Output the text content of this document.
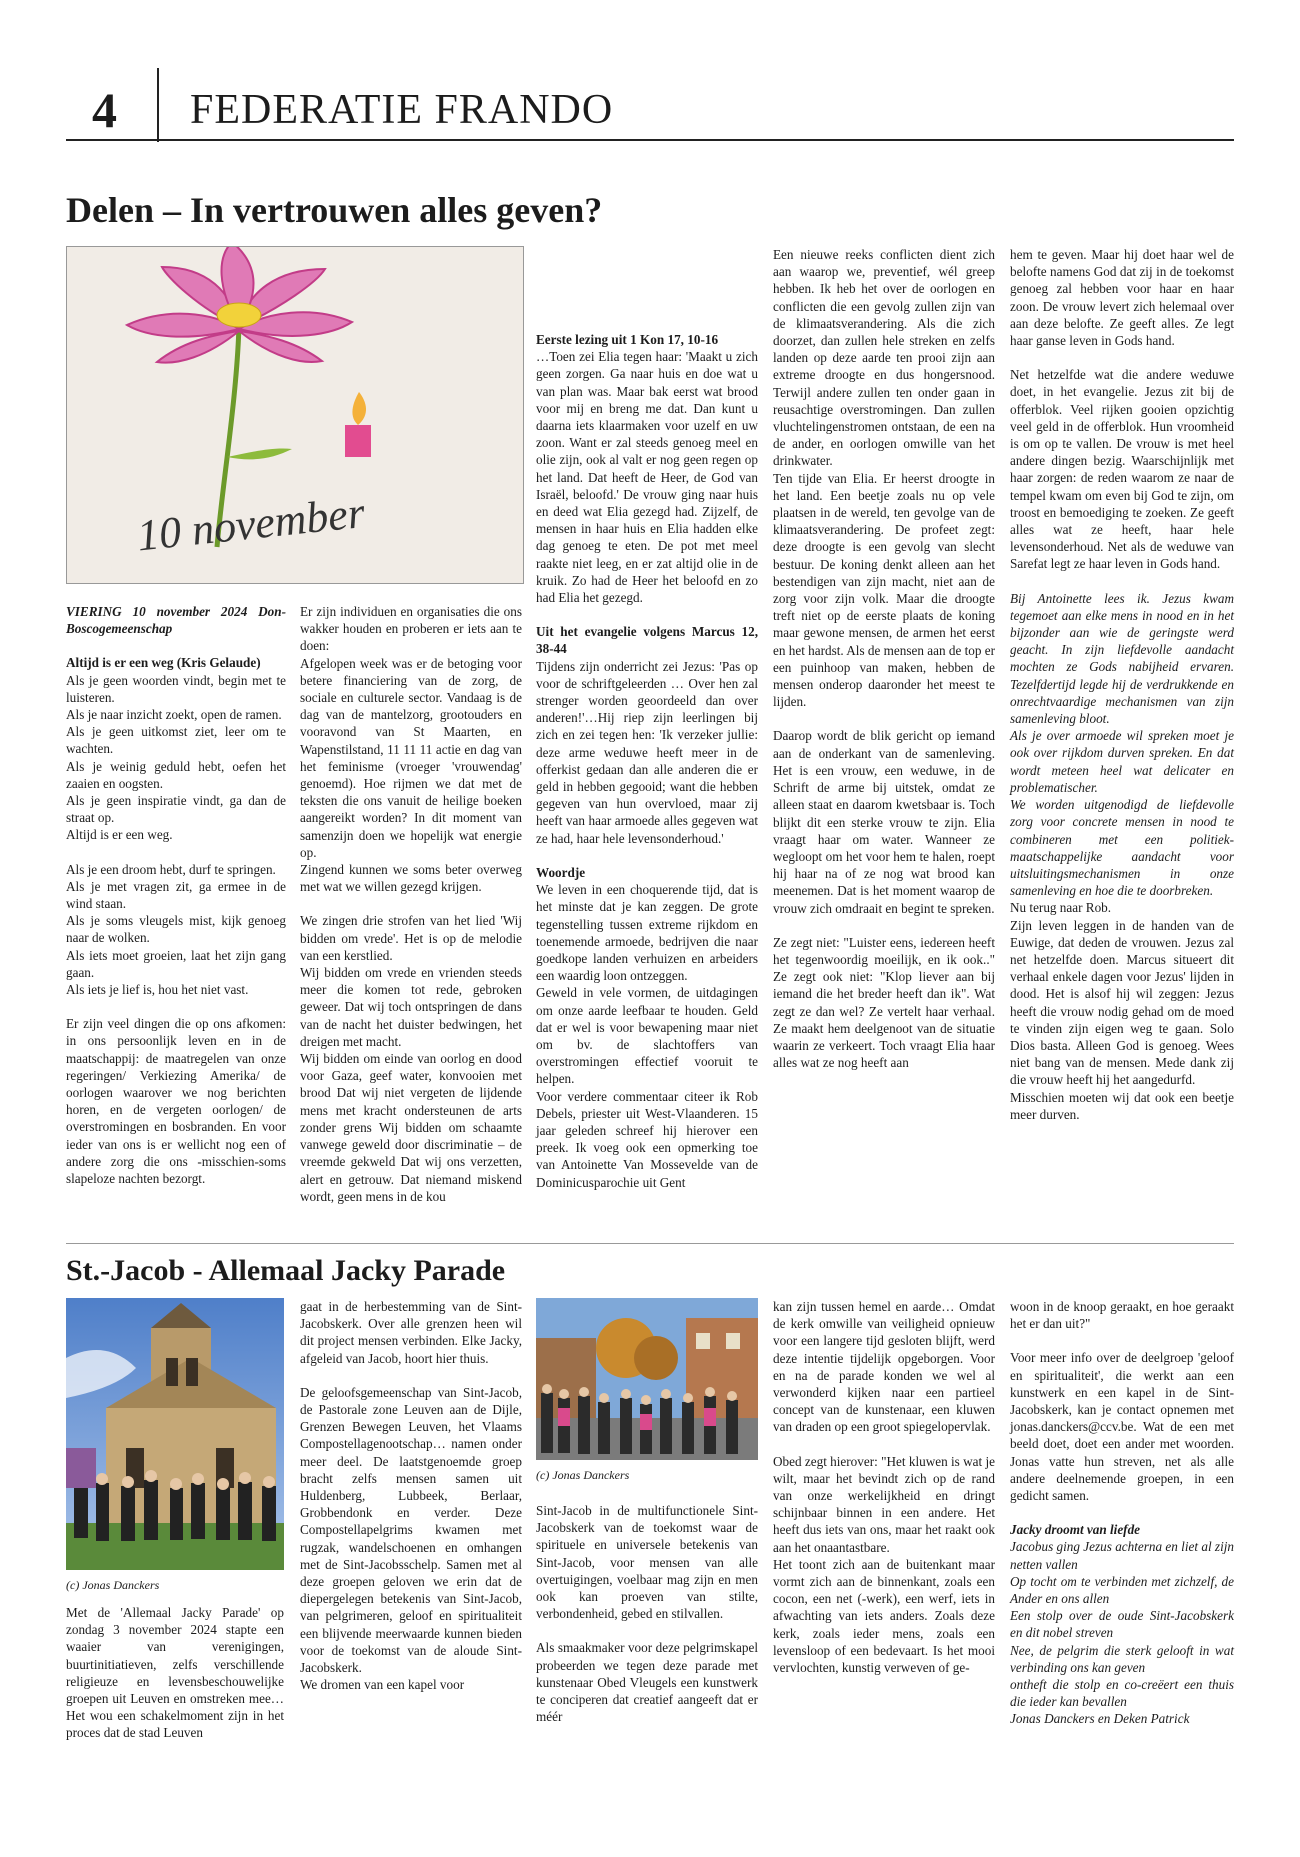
4 FEDERATIE FRANDO
Delen – In vertrouwen alles geven?
10 november

VIERING 10 november 2024 Don-Boscogemeenschap

Altijd is er een weg (Kris Gelaude)

Als je geen woorden vindt, begin met te luisteren.

Als je naar inzicht zoekt, open de ramen.

Als je geen uitkomst ziet, leer om te wachten.

Als je weinig geduld hebt, oefen het zaaien en oogsten.

Als je geen inspiratie vindt, ga dan de straat op.

Altijd is er een weg.

Als je een droom hebt, durf te springen.

Als je met vragen zit, ga ermee in de wind staan.

Als je soms vleugels mist, kijk genoeg naar de wolken.

Als iets moet groeien, laat het zijn gang gaan.

Als iets je lief is, hou het niet vast.

Er zijn veel dingen die op ons afkomen: in ons persoonlijk leven en in de maatschappij: de maatregelen van onze regeringen/ Verkiezing Amerika/ de oorlogen waarover we nog berichten horen, en de vergeten oorlogen/ de overstromingen en bosbranden. En voor ieder van ons is er wellicht nog een of andere zorg die ons -misschien-soms slapeloze nachten bezorgt.

Er zijn individuen en organisaties die ons wakker houden en proberen er iets aan te doen:

Afgelopen week was er de betoging voor betere financiering van de zorg, de sociale en culturele sector. Vandaag is de dag van de mantelzorg, grootouders en vooravond van St Maarten, en Wapenstilstand, 11 11 11 actie en dag van het feminisme (vroeger 'vrouwendag' genoemd). Hoe rijmen we dat met de teksten die ons vanuit de heilige boeken aangereikt worden? In dit moment van samenzijn doen we hopelijk wat energie op.

Zingend kunnen we soms beter overweg met wat we willen gezegd krijgen.

We zingen drie strofen van het lied 'Wij bidden om vrede'. Het is op de melodie van een kerstlied.

Wij bidden om vrede en vrienden steeds meer die komen tot rede, gebroken geweer. Dat wij toch ontspringen de dans van de nacht het duister bedwingen, het dreigen met macht.

Wij bidden om einde van oorlog en dood voor Gaza, geef water, konvooien met brood Dat wij niet vergeten de lijdende mens met kracht ondersteunen de arts zonder grens Wij bidden om schaamte vanwege geweld door discriminatie – de vreemde gekweld Dat wij ons verzetten, alert en getrouw. Dat niemand miskend wordt, geen mens in de kou

Eerste lezing uit 1 Kon 17, 10-16

…Toen zei Elia tegen haar: 'Maakt u zich geen zorgen. Ga naar huis en doe wat u van plan was. Maar bak eerst wat brood voor mij en breng me dat. Dan kunt u daarna iets klaarmaken voor uzelf en uw zoon. Want er zal steeds genoeg meel en olie zijn, ook al valt er nog geen regen op het land. Dat heeft de Heer, de God van Israël, beloofd.' De vrouw ging naar huis en deed wat Elia gezegd had. Zijzelf, de mensen in haar huis en Elia hadden elke dag genoeg te eten. De pot met meel raakte niet leeg, en er zat altijd olie in de kruik. Zo had de Heer het beloofd en zo had Elia het gezegd.

Uit het evangelie volgens Marcus 12, 38-44

Tijdens zijn onderricht zei Jezus: 'Pas op voor de schriftgeleerden … Over hen zal strenger worden geoordeeld dan over anderen!'…Hij riep zijn leerlingen bij zich en zei tegen hen: 'Ik verzeker jullie: deze arme weduwe heeft meer in de offerkist gedaan dan alle anderen die er geld in hebben gegooid; want die hebben gegeven van hun overvloed, maar zij heeft van haar armoede alles gegeven wat ze had, haar hele levensonderhoud.'

Woordje

We leven in een choquerende tijd, dat is het minste dat je kan zeggen. De grote tegenstelling tussen extreme rijkdom en toenemende armoede, bedrijven die naar goedkope landen verhuizen en arbeiders een waardig loon ontzeggen.

Geweld in vele vormen, de uitdagingen om onze aarde leefbaar te houden. Geld dat er wel is voor bewapening maar niet om bv. de slachtoffers van overstromingen effectief vooruit te helpen.

Voor verdere commentaar citeer ik Rob Debels, priester uit West-Vlaanderen. 15 jaar geleden schreef hij hierover een preek. Ik voeg ook een opmerking toe van Antoinette Van Mossevelde van de Dominicusparochie uit Gent

Een nieuwe reeks conflicten dient zich aan waarop we, preventief, wél greep hebben. Ik heb het over de oorlogen en conflicten die een gevolg zullen zijn van de klimaatsverandering. Als die zich doorzet, dan zullen hele streken en zelfs landen op deze aarde ten prooi zijn aan extreme droogte en dus hongersnood. Terwijl andere zullen ten onder gaan in reusachtige overstromingen. Dan zullen vluchtelingenstromen ontstaan, de een na de ander, en oorlogen omwille van het drinkwater.

Ten tijde van Elia. Er heerst droogte in het land. Een beetje zoals nu op vele plaatsen in de wereld, ten gevolge van de klimaatsverandering. De profeet zegt: deze droogte is een gevolg van slecht bestuur. De koning denkt alleen aan het bestendigen van zijn macht, niet aan de zorg voor zijn volk. Maar die droogte treft niet op de eerste plaats de koning maar gewone mensen, de armen het eerst en het hardst. Als de mensen aan de top er een puinhoop van maken, hebben de mensen onderop daaronder het meest te lijden.

Daarop wordt de blik gericht op iemand aan de onderkant van de samenleving. Het is een vrouw, een weduwe, in de Schrift de arme bij uitstek, omdat ze alleen staat en daarom kwetsbaar is. Toch blijkt dit een sterke vrouw te zijn. Elia vraagt haar om water. Wanneer ze wegloopt om het voor hem te halen, roept hij haar na of ze nog wat brood kan meenemen. Dat is het moment waarop de vrouw zich omdraait en begint te spreken.

Ze zegt niet: "Luister eens, iedereen heeft het tegenwoordig moeilijk, en ik ook.." Ze zegt ook niet: "Klop liever aan bij iemand die het breder heeft dan ik". Wat zegt ze dan wel? Ze vertelt haar verhaal. Ze maakt hem deelgenoot van de situatie waarin ze verkeert. Toch vraagt Elia haar alles wat ze nog heeft aan

hem te geven. Maar hij doet haar wel de belofte namens God dat zij in de toekomst genoeg zal hebben voor haar en haar zoon. De vrouw levert zich helemaal over aan deze belofte. Ze geeft alles. Ze legt haar ganse leven in Gods hand.

Net hetzelfde wat die andere weduwe doet, in het evangelie. Jezus zit bij de offerblok. Veel rijken gooien opzichtig veel geld in de offerblok. Hun vroomheid is om op te vallen. De vrouw is met heel andere dingen bezig. Waarschijnlijk met haar zorgen: de reden waarom ze naar de tempel kwam om even bij God te zijn, om troost en bemoediging te zoeken. Ze geeft alles wat ze heeft, haar hele levensonderhoud. Net als de weduwe van Sarefat legt ze haar leven in Gods hand.

Bij Antoinette lees ik. Jezus kwam tegemoet aan elke mens in nood en in het bijzonder aan wie de geringste werd geacht. In zijn liefdevolle aandacht mochten ze Gods nabijheid ervaren. Tezelfdertijd legde hij de verdrukkende en onrechtvaardige mechanismen van zijn samenleving bloot.

Als je over armoede wil spreken moet je ook over rijkdom durven spreken. En dat wordt meteen heel wat delicater en problematischer.

We worden uitgenodigd de liefdevolle zorg voor concrete mensen in nood te combineren met een politiek-maatschappelijke aandacht voor uitsluitingsmechanismen in onze samenleving en hoe die te doorbreken.

Nu terug naar Rob.

Zijn leven leggen in de handen van de Euwige, dat deden de vrouwen. Jezus zal net hetzelfde doen. Marcus situeert dit verhaal enkele dagen voor Jezus' lijden in dood. Het is alsof hij wil zeggen: Jezus heeft die vrouw nodig gehad om de moed te vinden zijn eigen weg te gaan. Solo Dios basta. Alleen God is genoeg. Wees niet bang van de mensen. Mede dank zij die vrouw heeft hij het aangedurfd.

Misschien moeten wij dat ook een beetje meer durven.

St.-Jacob - Allemaal Jacky Parade
(c) Jonas Danckers

Met de 'Allemaal Jacky Parade' op zondag 3 november 2024 stapte een waaier van verenigingen, buurtinitiatieven, zelfs verschillende religieuze en levensbeschouwelijke groepen uit Leuven en omstreken mee… Het wou een schakelmoment zijn in het proces dat de stad Leuven

gaat in de herbestemming van de Sint-Jacobskerk. Over alle grenzen heen wil dit project mensen verbinden. Elke Jacky, afgeleid van Jacob, hoort hier thuis.

De geloofsgemeenschap van Sint-Jacob, de Pastorale zone Leuven aan de Dijle, Grenzen Bewegen Leuven, het Vlaams Compostellagenootschap… namen onder meer deel. De laatstgenoemde groep bracht zelfs mensen samen uit Huldenberg, Lubbeek, Berlaar, Grobbendonk en verder. Deze Compostellapelgrims kwamen met rugzak, wandelschoenen en omhangen met de Sint-Jacobsschelp. Samen met al deze groepen geloven we erin dat de diepergelegen betekenis van Sint-Jacob, van pelgrimeren, geloof en spiritualiteit een blijvende meerwaarde kunnen bieden voor de toekomst van de aloude Sint-Jacobskerk.

We dromen van een kapel voor

(c) Jonas Danckers

Sint-Jacob in de multifunctionele Sint-Jacobskerk van de toekomst waar de spirituele en universele betekenis van Sint-Jacob, voor mensen van alle overtuigingen, voelbaar mag zijn en men ook kan proeven van stilte, verbondenheid, gebed en stilvallen.

Als smaakmaker voor deze pelgrimskapel probeerden we tegen deze parade met kunstenaar Obed Vleugels een kunstwerk te conciperen dat creatief aangeeft dat er méér

kan zijn tussen hemel en aarde… Omdat de kerk omwille van veiligheid opnieuw voor een langere tijd gesloten blijft, werd deze intentie tijdelijk opgeborgen. Voor en na de parade konden we wel al verwonderd kijken naar een partieel concept van de kunstenaar, een kluwen van draden op een groot spiegelopervlak.

Obed zegt hierover: "Het kluwen is wat je wilt, maar het bevindt zich op de rand van onze werkelijkheid en dringt schijnbaar binnen in een andere. Het heeft dus iets van ons, maar het raakt ook aan het onaantastbare.

Het toont zich aan de buitenkant maar vormt zich aan de binnenkant, zoals een cocon, een net (-werk), een werf, iets in afwachting van iets anders. Zoals deze kerk, zoals ieder mens, zoals een levensloop of een bedevaart. Is het mooi vervlochten, kunstig verweven of ge-

woon in de knoop geraakt, en hoe geraakt het er dan uit?"

Voor meer info over de deelgroep 'geloof en spiritualiteit', die werkt aan een kunstwerk en een kapel in de Sint-Jacobskerk, kan je contact opnemen met jonas.danckers@ccv.be. Wat de een met beeld doet, doet een ander met woorden. Jonas vatte hun streven, net als alle andere deelnemende groepen, in een gedicht samen.

Jacky droomt van liefde

Jacobus ging Jezus achterna en liet al zijn netten vallen

Op tocht om te verbinden met zichzelf, de Ander en ons allen

Een stolp over de oude Sint-Jacobskerk en dit nobel streven

Nee, de pelgrim die sterk gelooft in wat verbinding ons kan geven

ontheft die stolp en co-creëert een thuis die ieder kan bevallen

Jonas Danckers en Deken Patrick
